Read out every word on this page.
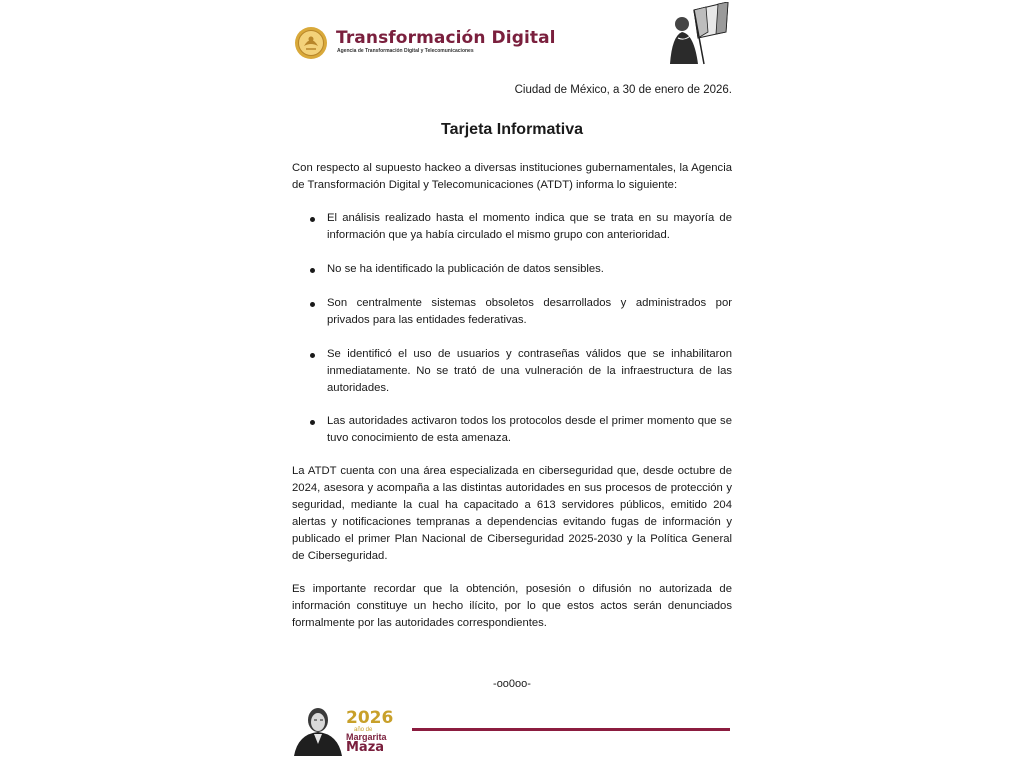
Transformación Digital
Agencia de Transformación Digital y Telecomunicaciones
Ciudad de México, a 30 de enero de 2026.
Tarjeta Informativa
Con respecto al supuesto hackeo a diversas instituciones gubernamentales, la Agencia de Transformación Digital y Telecomunicaciones (ATDT) informa lo siguiente:
El análisis realizado hasta el momento indica que se trata en su mayoría de información que ya había circulado el mismo grupo con anterioridad.
No se ha identificado la publicación de datos sensibles.
Son centralmente sistemas obsoletos desarrollados y administrados por privados para las entidades federativas.
Se identificó el uso de usuarios y contraseñas válidos que se inhabilitaron inmediatamente. No se trató de una vulneración de la infraestructura de las autoridades.
Las autoridades activaron todos los protocolos desde el primer momento que se tuvo conocimiento de esta amenaza.
La ATDT cuenta con una área especializada en ciberseguridad que, desde octubre de 2024, asesora y acompaña a las distintas autoridades en sus procesos de protección y seguridad, mediante la cual ha capacitado a 613 servidores públicos, emitido 204 alertas y notificaciones tempranas a dependencias evitando fugas de información y publicado el primer Plan Nacional de Ciberseguridad 2025-2030 y la Política General de Ciberseguridad.
Es importante recordar que la obtención, posesión o difusión no autorizada de información constituye un hecho ilícito, por lo que estos actos serán denunciados formalmente por las autoridades correspondientes.
-oo0oo-
2026
año de
Margarita
Maza
